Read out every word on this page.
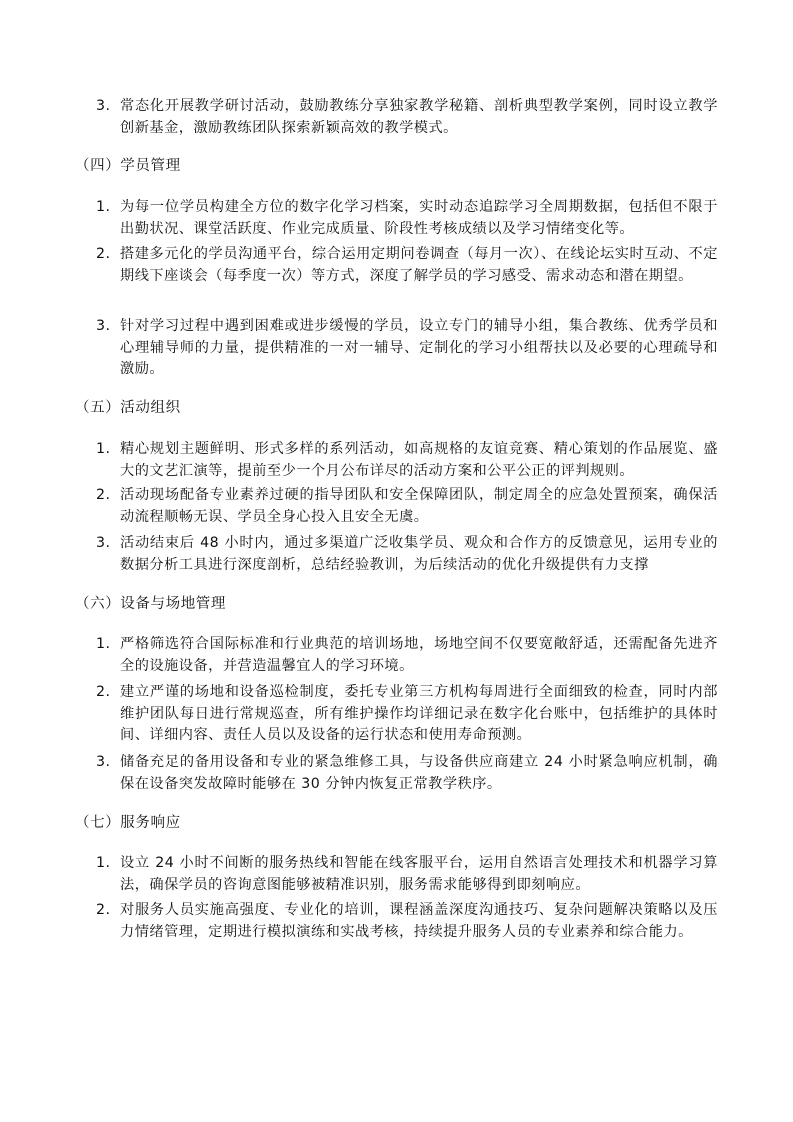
3. 常态化开展教学研讨活动，鼓励教练分享独家教学秘籍、剖析典型教学案例，同时设立教学创新基金，激励教练团队探索新颖高效的教学模式。
（四）学员管理
1. 为每一位学员构建全方位的数字化学习档案，实时动态追踪学习全周期数据，包括但不限于出勤状况、课堂活跃度、作业完成质量、阶段性考核成绩以及学习情绪变化等。
2. 搭建多元化的学员沟通平台，综合运用定期问卷调查（每月一次）、在线论坛实时互动、不定期线下座谈会（每季度一次）等方式，深度了解学员的学习感受、需求动态和潜在期望。
3. 针对学习过程中遇到困难或进步缓慢的学员，设立专门的辅导小组，集合教练、优秀学员和心理辅导师的力量，提供精准的一对一辅导、定制化的学习小组帮扶以及必要的心理疏导和激励。
（五）活动组织
1. 精心规划主题鲜明、形式多样的系列活动，如高规格的友谊竞赛、精心策划的作品展览、盛大的文艺汇演等，提前至少一个月公布详尽的活动方案和公平公正的评判规则。
2. 活动现场配备专业素养过硬的指导团队和安全保障团队，制定周全的应急处置预案，确保活动流程顺畅无误、学员全身心投入且安全无虞。
3. 活动结束后 48 小时内，通过多渠道广泛收集学员、观众和合作方的反馈意见，运用专业的数据分析工具进行深度剖析，总结经验教训，为后续活动的优化升级提供有力支撑
（六）设备与场地管理
1. 严格筛选符合国际标准和行业典范的培训场地，场地空间不仅要宽敞舒适，还需配备先进齐全的设施设备，并营造温馨宜人的学习环境。
2. 建立严谨的场地和设备巡检制度，委托专业第三方机构每周进行全面细致的检查，同时内部维护团队每日进行常规巡查，所有维护操作均详细记录在数字化台账中，包括维护的具体时间、详细内容、责任人员以及设备的运行状态和使用寿命预测。
3. 储备充足的备用设备和专业的紧急维修工具，与设备供应商建立 24 小时紧急响应机制，确保在设备突发故障时能够在 30 分钟内恢复正常教学秩序。
（七）服务响应
1. 设立 24 小时不间断的服务热线和智能在线客服平台，运用自然语言处理技术和机器学习算法，确保学员的咨询意图能够被精准识别，服务需求能够得到即刻响应。
2. 对服务人员实施高强度、专业化的培训，课程涵盖深度沟通技巧、复杂问题解决策略以及压力情绪管理，定期进行模拟演练和实战考核，持续提升服务人员的专业素养和综合能力。
